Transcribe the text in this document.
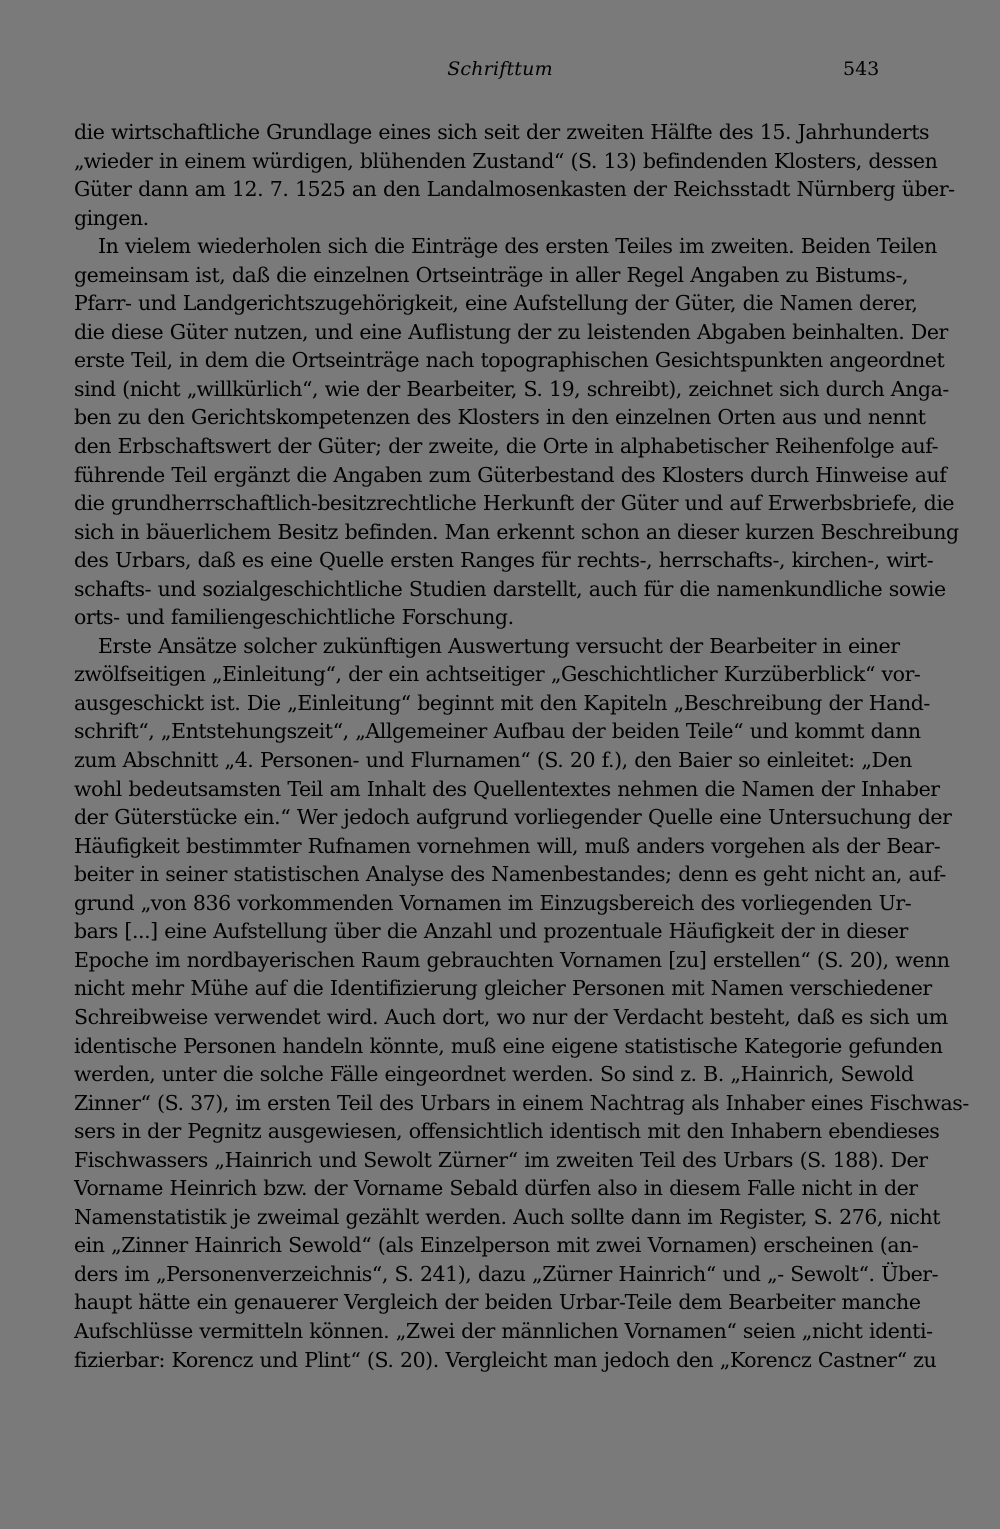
Schrifttum	543
die wirtschaftliche Grundlage eines sich seit der zweiten Hälfte des 15. Jahrhunderts
„wieder in einem würdigen, blühenden Zustand“ (S. 13) befindenden Klosters, dessen
Güter dann am 12. 7. 1525 an den Landalmosenkasten der Reichsstadt Nürnberg über-
gingen.
In vielem wiederholen sich die Einträge des ersten Teiles im zweiten. Beiden Teilen
gemeinsam ist, daß die einzelnen Ortseinträge in aller Regel Angaben zu Bistums-,
Pfarr- und Landgerichtszugehörigkeit, eine Aufstellung der Güter, die Namen derer,
die diese Güter nutzen, und eine Auflistung der zu leistenden Abgaben beinhalten. Der
erste Teil, in dem die Ortseinträge nach topographischen Gesichtspunkten angeordnet
sind (nicht „willkürlich“, wie der Bearbeiter, S. 19, schreibt), zeichnet sich durch Anga-
ben zu den Gerichtskompetenzen des Klosters in den einzelnen Orten aus und nennt
den Erbschaftswert der Güter; der zweite, die Orte in alphabetischer Reihenfolge auf-
führende Teil ergänzt die Angaben zum Güterbestand des Klosters durch Hinweise auf
die grundherrschaftlich-besitzrechtliche Herkunft der Güter und auf Erwerbsbriefe, die
sich in bäuerlichem Besitz befinden. Man erkennt schon an dieser kurzen Beschreibung
des Urbars, daß es eine Quelle ersten Ranges für rechts-, herrschafts-, kirchen-, wirt-
schafts- und sozialgeschichtliche Studien darstellt, auch für die namenkundliche sowie
orts- und familiengeschichtliche Forschung.
Erste Ansätze solcher zukünftigen Auswertung versucht der Bearbeiter in einer
zwölfseitigen „Einleitung“, der ein achtseitiger „Geschichtlicher Kurzüberblick“ vor-
ausgeschickt ist. Die „Einleitung“ beginnt mit den Kapiteln „Beschreibung der Hand-
schrift“, „Entstehungszeit“, „Allgemeiner Aufbau der beiden Teile“ und kommt dann
zum Abschnitt „4. Personen- und Flurnamen“ (S. 20 f.), den Baier so einleitet: „Den
wohl bedeutsamsten Teil am Inhalt des Quellentextes nehmen die Namen der Inhaber
der Güterstücke ein.“ Wer jedoch aufgrund vorliegender Quelle eine Untersuchung der
Häufigkeit bestimmter Rufnamen vornehmen will, muß anders vorgehen als der Bear-
beiter in seiner statistischen Analyse des Namenbestandes; denn es geht nicht an, auf-
grund „von 836 vorkommenden Vornamen im Einzugsbereich des vorliegenden Ur-
bars [...] eine Aufstellung über die Anzahl und prozentuale Häufigkeit der in dieser
Epoche im nordbayerischen Raum gebrauchten Vornamen [zu] erstellen“ (S. 20), wenn
nicht mehr Mühe auf die Identifizierung gleicher Personen mit Namen verschiedener
Schreibweise verwendet wird. Auch dort, wo nur der Verdacht besteht, daß es sich um
identische Personen handeln könnte, muß eine eigene statistische Kategorie gefunden
werden, unter die solche Fälle eingeordnet werden. So sind z. B. „Hainrich, Sewold
Zinner“ (S. 37), im ersten Teil des Urbars in einem Nachtrag als Inhaber eines Fischwas-
sers in der Pegnitz ausgewiesen, offensichtlich identisch mit den Inhabern ebendieses
Fischwassers „Hainrich und Sewolt Zürner“ im zweiten Teil des Urbars (S. 188). Der
Vorname Heinrich bzw. der Vorname Sebald dürfen also in diesem Falle nicht in der
Namenstatistik je zweimal gezählt werden. Auch sollte dann im Register, S. 276, nicht
ein „Zinner Hainrich Sewold“ (als Einzelperson mit zwei Vornamen) erscheinen (an-
ders im „Personenverzeichnis“, S. 241), dazu „Zürner Hainrich“ und „- Sewolt“. Über-
haupt hätte ein genauerer Vergleich der beiden Urbar-Teile dem Bearbeiter manche
Aufschlüsse vermitteln können. „Zwei der männlichen Vornamen“ seien „nicht identi-
fizierbar: Korencz und Plint“ (S. 20). Vergleicht man jedoch den „Korencz Castner“ zu
